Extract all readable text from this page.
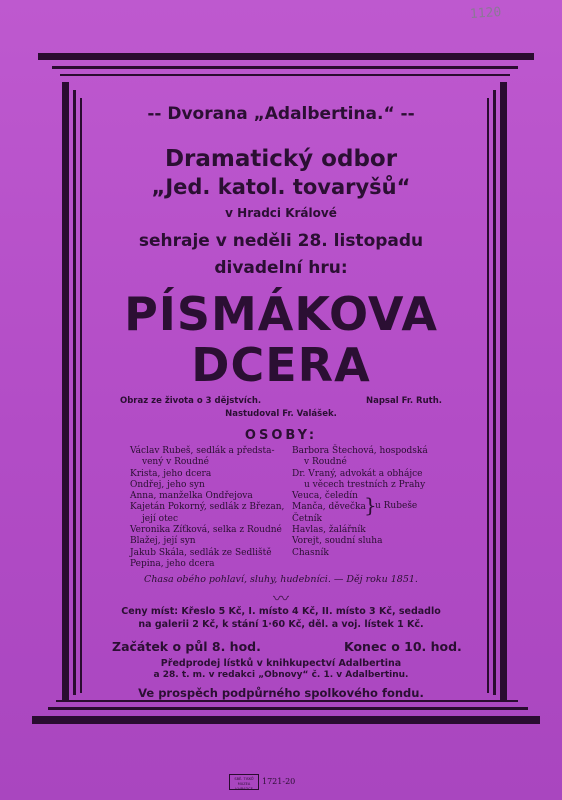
1120
-- Dvorana „Adalbertina.“ --
Dramatický odbor
„Jed. katol. tovaryšů“
v Hradci Králové
sehraje v neděli 28. listopadu
divadelní hru:
PÍSMÁKOVA
DCERA
Obraz ze života o 3 dějstvích.	Napsal Fr. Ruth.
Nastudoval Fr. Valášek.
OSOBY:
Václav Rubeš, sedlák a předsta-
vený v Roudné
Krista, jeho dcera
Ondřej, jeho syn
Anna, manželka Ondřejova
Kajetán Pokorný, sedlák z Březan,
její otec
Veronika Zíťková, selka z Roudné
Blažej, její syn
Jakub Skála, sedlák ze Sedliště
Pepina, jeho dcera
Barbora Štechová, hospodská
v Roudné
Dr. Vraný, advokát a obhájce
u věcech trestních z Prahy
Veuca, čeledín
Manča, děvečka
Četník
Havlas, žalářník
Vorejt, soudní sluha
Chasník
}
u Rubeše
Chasa obého pohlaví, sluhy, hudebníci. — Děj roku 1851.
〰
Ceny míst: Křeslo 5 Kč, I. místo 4 Kč, II. místo 3 Kč, sedadlo
na galerii 2 Kč, k stání 1·60 Kč, děl. a voj. lístek 1 Kč.
Začátek o půl 8. hod.	Konec o 10. hod.
Předprodej lístků v knihkupectví Adalbertina
a 28. t. m. v redakci „Obnovy“ č. 1. v Adalbertinu.
Ve prospěch podpůrného spolkového fondu.
SBĚ. TISKŮ MUZEA V.HRADCE
1721-20
